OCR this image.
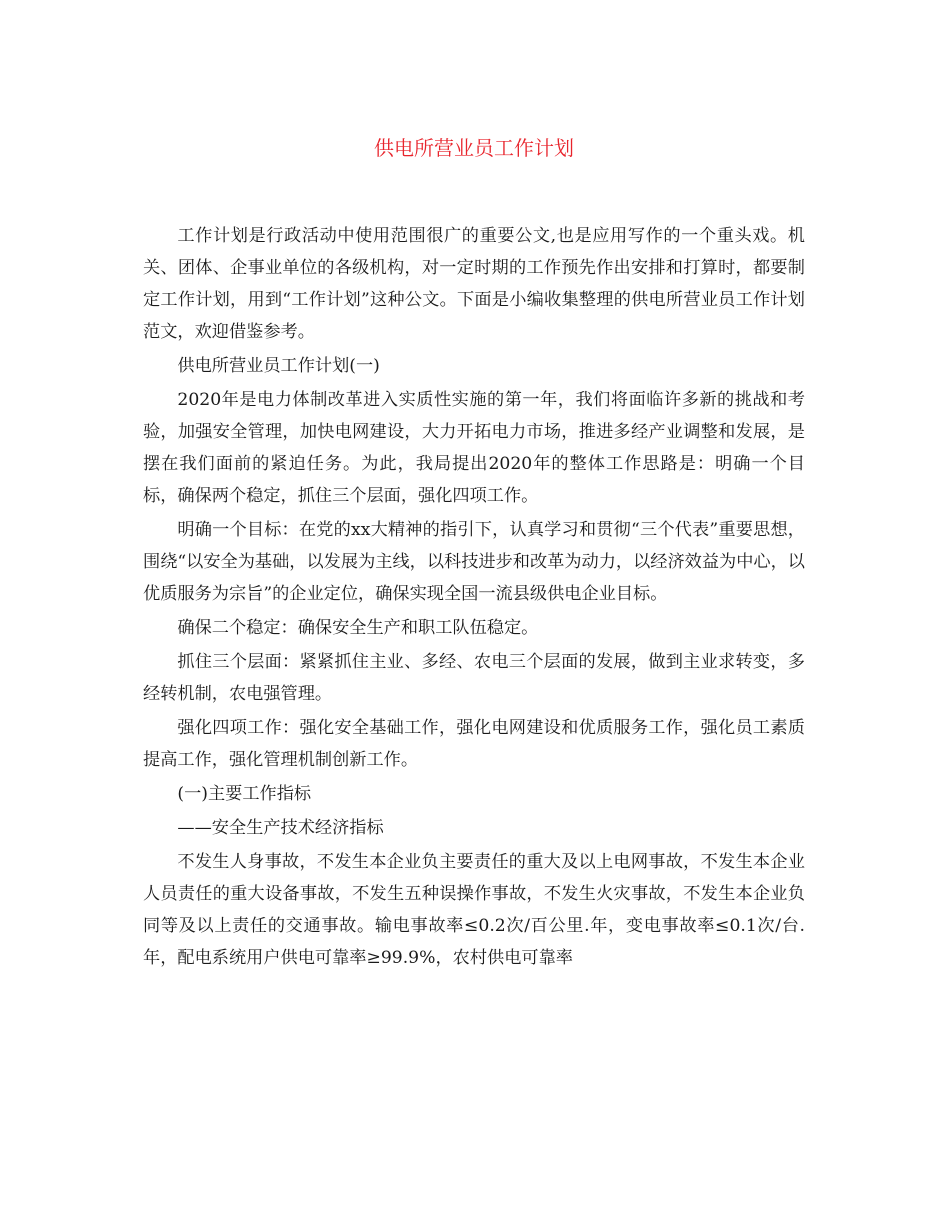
供电所营业员工作计划

工作计划是行政活动中使用范围很广的重要公文,也是应用写作的一个重头戏。机关、团体、企事业单位的各级机构，对一定时期的工作预先作出安排和打算时，都要制定工作计划，用到“工作计划”这种公文。下面是小编收集整理的供电所营业员工作计划范文，欢迎借鉴参考。

供电所营业员工作计划(一)

2020年是电力体制改革进入实质性实施的第一年，我们将面临许多新的挑战和考验，加强安全管理，加快电网建设，大力开拓电力市场，推进多经产业调整和发展，是摆在我们面前的紧迫任务。为此，我局提出2020年的整体工作思路是：明确一个目标，确保两个稳定，抓住三个层面，强化四项工作。

明确一个目标：在党的xx大精神的指引下，认真学习和贯彻“三个代表”重要思想，围绕“以安全为基础，以发展为主线，以科技进步和改革为动力，以经济效益为中心，以优质服务为宗旨”的企业定位，确保实现全国一流县级供电企业目标。

确保二个稳定：确保安全生产和职工队伍稳定。

抓住三个层面：紧紧抓住主业、多经、农电三个层面的发展，做到主业求转变，多经转机制，农电强管理。

强化四项工作：强化安全基础工作，强化电网建设和优质服务工作，强化员工素质提高工作，强化管理机制创新工作。

(一)主要工作指标

——安全生产技术经济指标

不发生人身事故，不发生本企业负主要责任的重大及以上电网事故，不发生本企业人员责任的重大设备事故，不发生五种误操作事故，不发生火灾事故，不发生本企业负同等及以上责任的交通事故。输电事故率≤0.2次/百公里.年，变电事故率≤0.1次/台.年，配电系统用户供电可靠率≥99.9%，农村供电可靠率
